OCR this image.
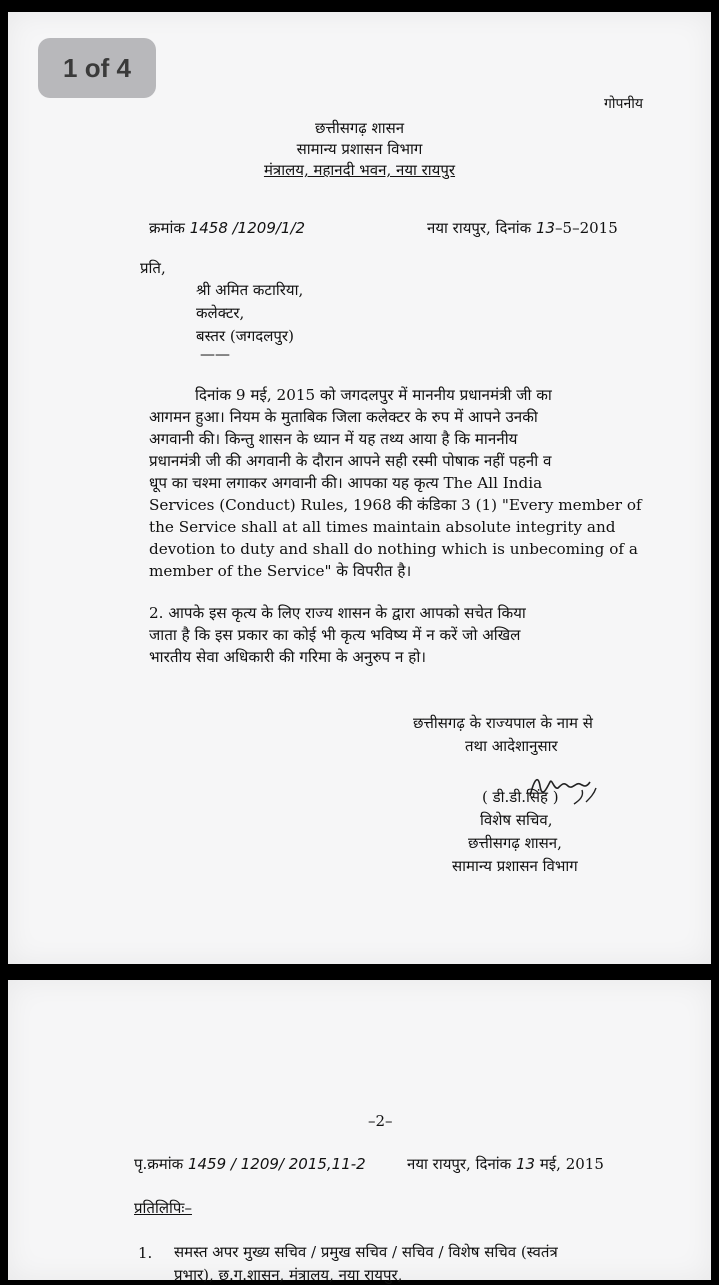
गोपनीय
छत्तीसगढ़ शासन
सामान्य प्रशासन विभाग
मंत्रालय, महानदी भवन, नया रायपुर
क्रमांक 1458 /1209/1/2	नया रायपुर, दिनांक 13–5–2015
प्रति,
श्री अमित कटारिया,
कलेक्टर,
बस्तर (जगदलपुर)
——
दिनांक 9 मई, 2015 को जगदलपुर में माननीय प्रधानमंत्री जी का
आगमन हुआ। नियम के मुताबिक जिला कलेक्टर के रुप में आपने उनकी
अगवानी की। किन्तु शासन के ध्यान में यह तथ्य आया है कि माननीय
प्रधानमंत्री जी की अगवानी के दौरान आपने सही रस्मी पोषाक नहीं पहनी व
धूप का चश्मा लगाकर अगवानी की। आपका यह कृत्य The All India
Services (Conduct) Rules, 1968 की कंडिका 3 (1) "Every member of
the Service shall at all times maintain absolute integrity and
devotion to duty and shall do nothing which is unbecoming of a
member of the Service" के विपरीत है।
2. आपके इस कृत्य के लिए राज्य शासन के द्वारा आपको सचेत किया
जाता है कि इस प्रकार का कोई भी कृत्य भविष्य में न करें जो अखिल
भारतीय सेवा अधिकारी की गरिमा के अनुरुप न हो।
छत्तीसगढ़ के राज्यपाल के नाम से
तथा आदेशानुसार
( डी.डी.सिंह )
विशेष सचिव,
छत्तीसगढ़ शासन,
सामान्य प्रशासन विभाग
1 of 4
–2–
पृ.क्रमांक 1459 / 1209/ 2015,11-2	नया रायपुर, दिनांक 13 मई, 2015
प्रतिलिपिः–
1. समस्त अपर मुख्य सचिव / प्रमुख सचिव / सचिव / विशेष सचिव (स्वतंत्र
प्रभार), छ.ग.शासन, मंत्रालय, नया रायपुर,
